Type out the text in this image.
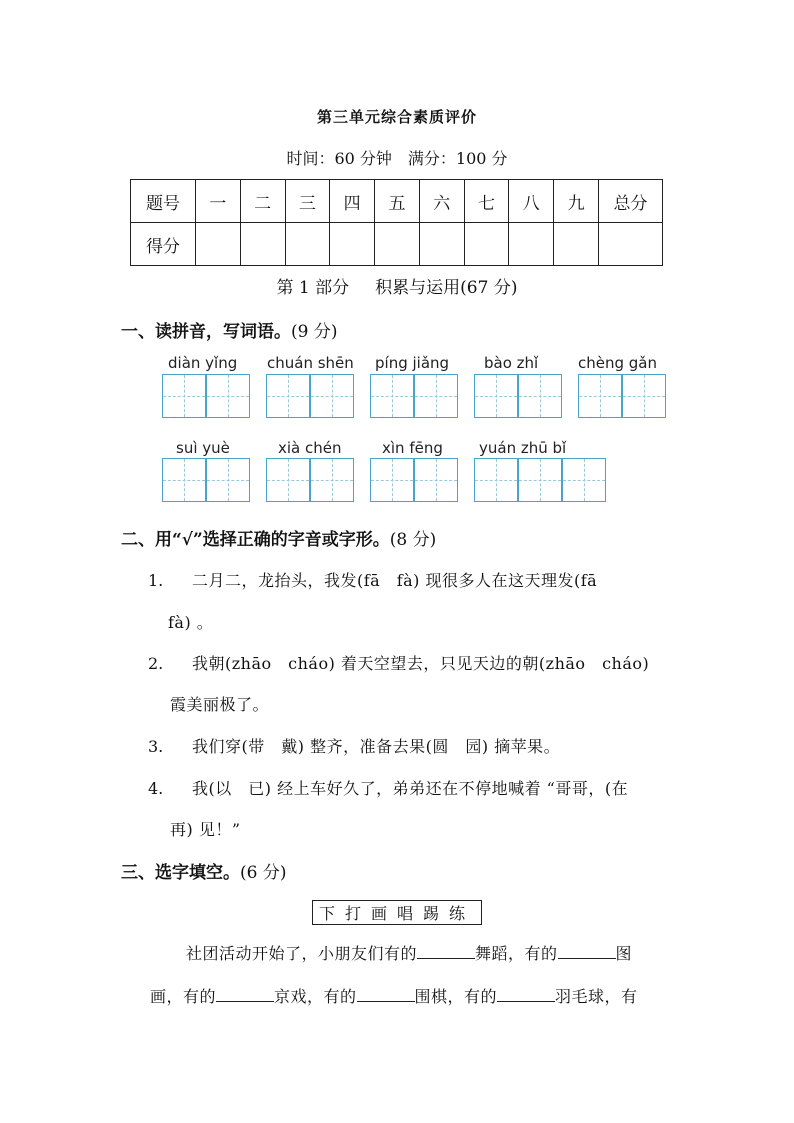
第三单元综合素质评价
时间：60 分钟　满分：100 分
题号	一	二	三	四	五	六	七	八	九	总分
得分										
第 1 部分 积累与运用(67 分)
一、读拼音，写词语。(9 分)
diàn yǐng chuán shēn píng jiǎng bào zhǐ	chèng gǎn
suì yuè	xià chén	xìn fēng yuán zhū bǐ
二、用“√”选择正确的字音或字形。(8 分)
1. 二月二，龙抬头，我发(fā　fà) 现很多人在这天理发(fā
fà) 。
2. 我朝(zhāo　cháo) 着天空望去，只见天边的朝(zhāo　cháo)
霞美丽极了。
3. 我们穿(带　戴) 整齐，准备去果(圆　园) 摘苹果。
4. 我(以　已) 经上车好久了，弟弟还在不停地喊着 “哥哥，(在
再) 见！”
三、选字填空。(6 分)
下打画唱踢练
社团活动开始了，小朋友们有的	舞蹈，有的	图
画，有的	京戏，有的	围棋，有的	羽毛球，有
